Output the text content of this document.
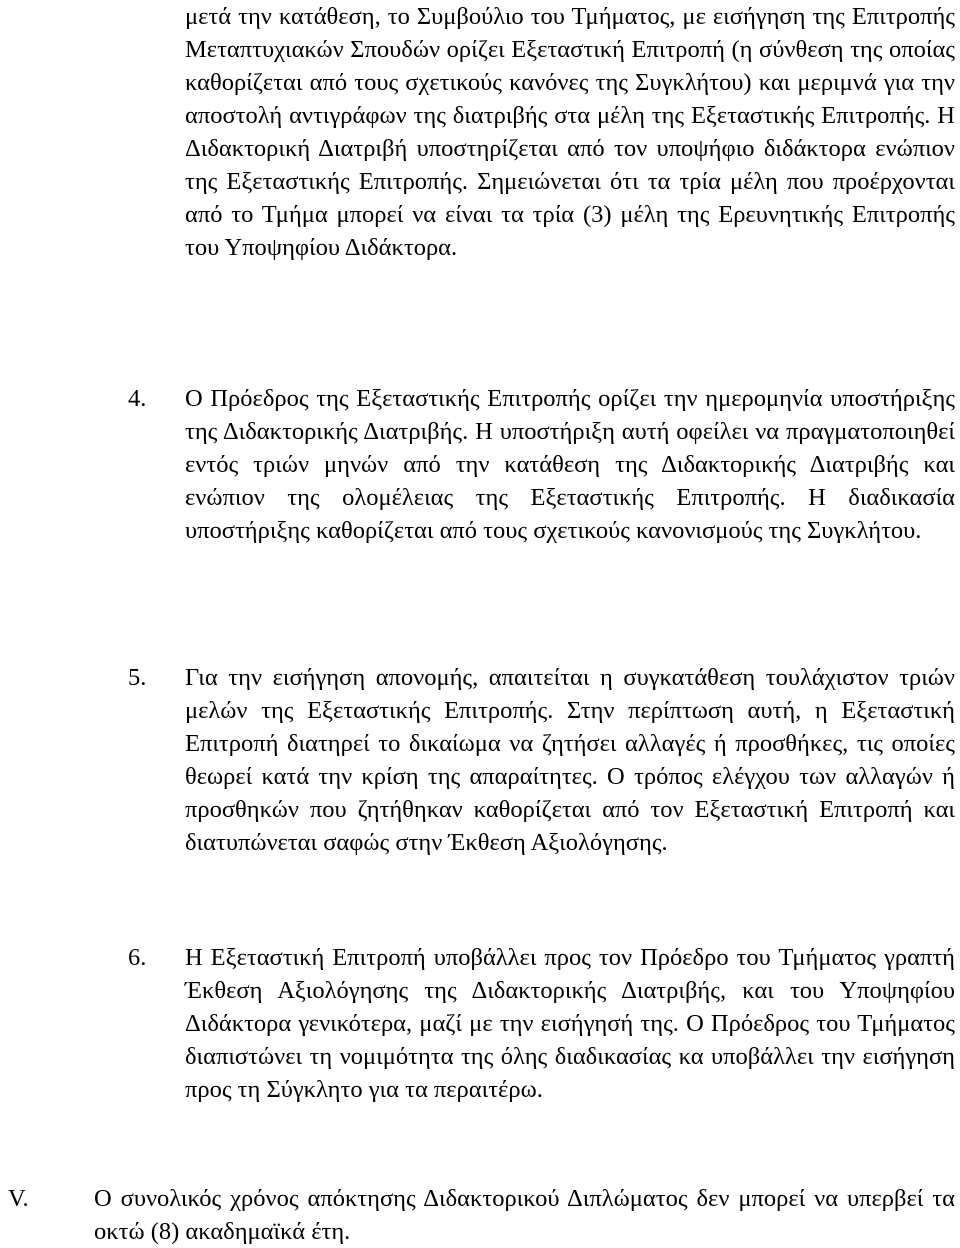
μετά την κατάθεση, το Συμβούλιο του Τμήματος, με εισήγηση της Επιτροπής Μεταπτυχιακών Σπουδών ορίζει Εξεταστική Επιτροπή (η σύνθεση της οποίας καθορίζεται από τους σχετικούς κανόνες της Συγκλήτου) και μεριμνά για την αποστολή αντιγράφων της διατριβής στα μέλη της Εξεταστικής Επιτροπής. Η Διδακτορική Διατριβή υποστηρίζεται από τον υποψήφιο διδάκτορα ενώπιον της Εξεταστικής Επιτροπής. Σημειώνεται ότι τα τρία μέλη που προέρχονται από το Τμήμα μπορεί να είναι τα τρία (3) μέλη της Ερευνητικής Επιτροπής του Υποψηφίου Διδάκτορα.

4. Ο Πρόεδρος της Εξεταστικής Επιτροπής ορίζει την ημερομηνία υποστήριξης της Διδακτορικής Διατριβής. Η υποστήριξη αυτή οφείλει να πραγματοποιηθεί εντός τριών μηνών από την κατάθεση της Διδακτορικής Διατριβής και ενώπιον της ολομέλειας της Εξεταστικής Επιτροπής. Η διαδικασία υποστήριξης καθορίζεται από τους σχετικούς κανονισμούς της Συγκλήτου.

5. Για την εισήγηση απονομής, απαιτείται η συγκατάθεση τουλάχιστον τριών μελών της Εξεταστικής Επιτροπής. Στην περίπτωση αυτή, η Εξεταστική Επιτροπή διατηρεί το δικαίωμα να ζητήσει αλλαγές ή προσθήκες, τις οποίες θεωρεί κατά την κρίση της απαραίτητες. Ο τρόπος ελέγχου των αλλαγών ή προσθηκών που ζητήθηκαν καθορίζεται από τον Εξεταστική Επιτροπή και διατυπώνεται σαφώς στην Έκθεση Αξιολόγησης.

6. Η Εξεταστική Επιτροπή υποβάλλει προς τον Πρόεδρο του Τμήματος γραπτή Έκθεση Αξιολόγησης της Διδακτορικής Διατριβής, και του Υποψηφίου Διδάκτορα γενικότερα, μαζί με την εισήγησή της. Ο Πρόεδρος του Τμήματος διαπιστώνει τη νομιμότητα της όλης διαδικασίας κα υποβάλλει την εισήγηση προς τη Σύγκλητο για τα περαιτέρω.

V.	Ο συνολικός χρόνος απόκτησης Διδακτορικού Διπλώματος δεν μπορεί να υπερβεί τα οκτώ (8) ακαδημαϊκά έτη.
